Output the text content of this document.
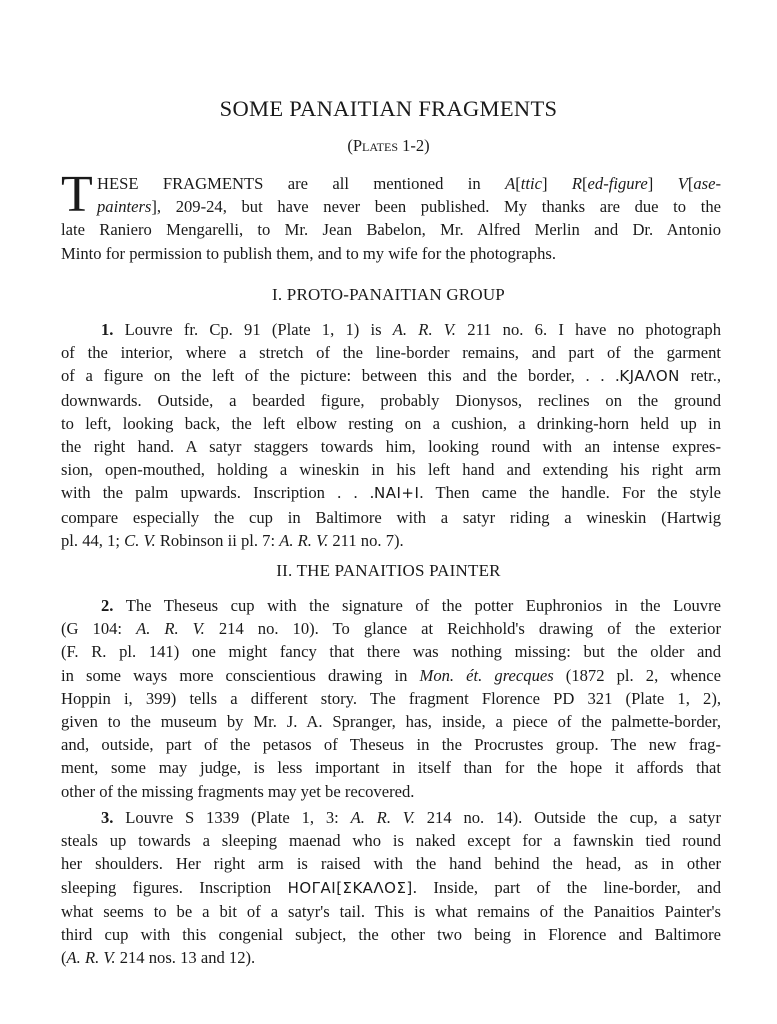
SOME PANAITIAN FRAGMENTS
(Plates 1-2)
T HESE FRAGMENTS are all mentioned in A[ttic] R[ed-figure] V[ase-
painters], 209-24, but have never been published. My thanks are due to the
late Raniero Mengarelli, to Mr. Jean Babelon, Mr. Alfred Merlin and Dr. Antonio
Minto for permission to publish them, and to my wife for the photographs.
I. PROTO-PANAITIAN GROUP
1. Louvre fr. Cp. 91 (Plate 1, 1) is A. R. V. 211 no. 6. I have no photograph
of the interior, where a stretch of the line-border remains, and part of the garment
of a figure on the left of the picture: between this and the border, . . .KJAΛON retr.,
downwards. Outside, a bearded figure, probably Dionysos, reclines on the ground
to left, looking back, the left elbow resting on a cushion, a drinking-horn held up in
the right hand. A satyr staggers towards him, looking round with an intense expres-
sion, open-mouthed, holding a wineskin in his left hand and extending his right arm
with the palm upwards. Inscription . . .NAI+I. Then came the handle. For the style
compare especially the cup in Baltimore with a satyr riding a wineskin (Hartwig
pl. 44, 1; C. V. Robinson ii pl. 7: A. R. V. 211 no. 7).
II. THE PANAITIOS PAINTER
2. The Theseus cup with the signature of the potter Euphronios in the Louvre
(G 104: A. R. V. 214 no. 10). To glance at Reichhold's drawing of the exterior
(F. R. pl. 141) one might fancy that there was nothing missing: but the older and
in some ways more conscientious drawing in Mon. ét. grecques (1872 pl. 2, whence
Hoppin i, 399) tells a different story. The fragment Florence PD 321 (Plate 1, 2),
given to the museum by Mr. J. A. Spranger, has, inside, a piece of the palmette-border,
and, outside, part of the petasos of Theseus in the Procrustes group. The new frag-
ment, some may judge, is less important in itself than for the hope it affords that
other of the missing fragments may yet be recovered.
3. Louvre S 1339 (Plate 1, 3: A. R. V. 214 no. 14). Outside the cup, a satyr
steals up towards a sleeping maenad who is naked except for a fawnskin tied round
her shoulders. Her right arm is raised with the hand behind the head, as in other
sleeping figures. Inscription HOΓAI[ΣKAΛOΣ]. Inside, part of the line-border, and
what seems to be a bit of a satyr's tail. This is what remains of the Panaitios Painter's
third cup with this congenial subject, the other two being in Florence and Baltimore
(A. R. V. 214 nos. 13 and 12).
